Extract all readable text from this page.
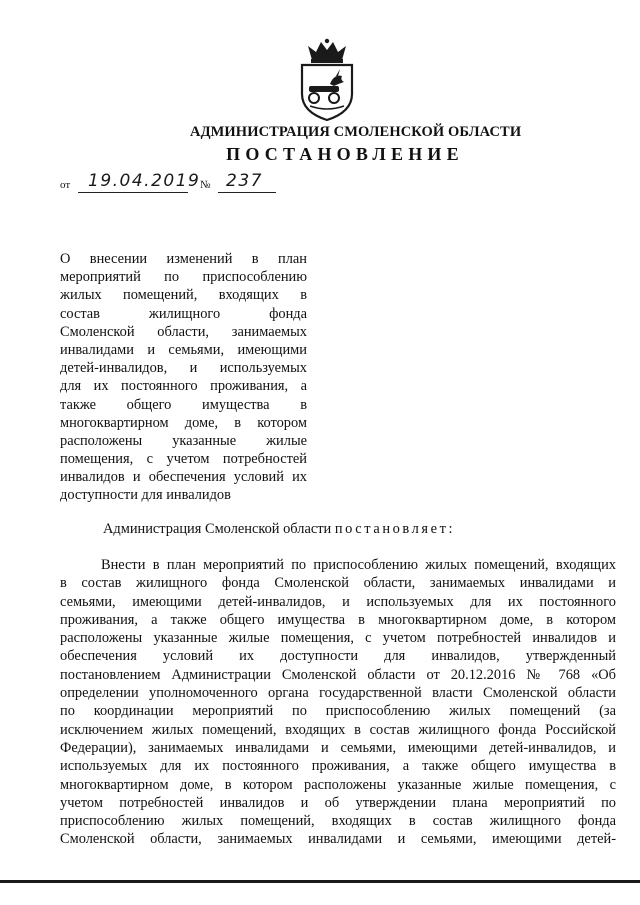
АДМИНИСТРАЦИЯ СМОЛЕНСКОЙ ОБЛАСТИ
ПОСТАНОВЛЕНИЕ
от 19.04.2019 № 237
О внесении изменений в план
мероприятий по приспособлению
жилых помещений, входящих в
состав жилищного фонда
Смоленской области, занимаемых
инвалидами и семьями, имеющими
детей-инвалидов, и используемых
для их постоянного проживания, а
также общего имущества в
многоквартирном доме, в котором
расположены указанные жилые
помещения, с учетом потребностей
инвалидов и обеспечения условий их
доступности для инвалидов
Администрация Смоленской области постановляет:
Внести в план мероприятий по приспособлению жилых помещений, входящих
в состав жилищного фонда Смоленской области, занимаемых инвалидами и
семьями, имеющими детей-инвалидов, и используемых для их постоянного
проживания, а также общего имущества в многоквартирном доме, в котором
расположены указанные жилые помещения, с учетом потребностей инвалидов и
обеспечения условий их доступности для инвалидов, утвержденный
постановлением Администрации Смоленской области от 20.12.2016 № 768 «Об
определении уполномоченного органа государственной власти Смоленской области
по координации мероприятий по приспособлению жилых помещений (за
исключением жилых помещений, входящих в состав жилищного фонда Российской
Федерации), занимаемых инвалидами и семьями, имеющими детей-инвалидов, и
используемых для их постоянного проживания, а также общего имущества в
многоквартирном доме, в котором расположены указанные жилые помещения, с
учетом потребностей инвалидов и об утверждении плана мероприятий по
приспособлению жилых помещений, входящих в состав жилищного фонда
Смоленской области, занимаемых инвалидами и семьями, имеющими детей-
